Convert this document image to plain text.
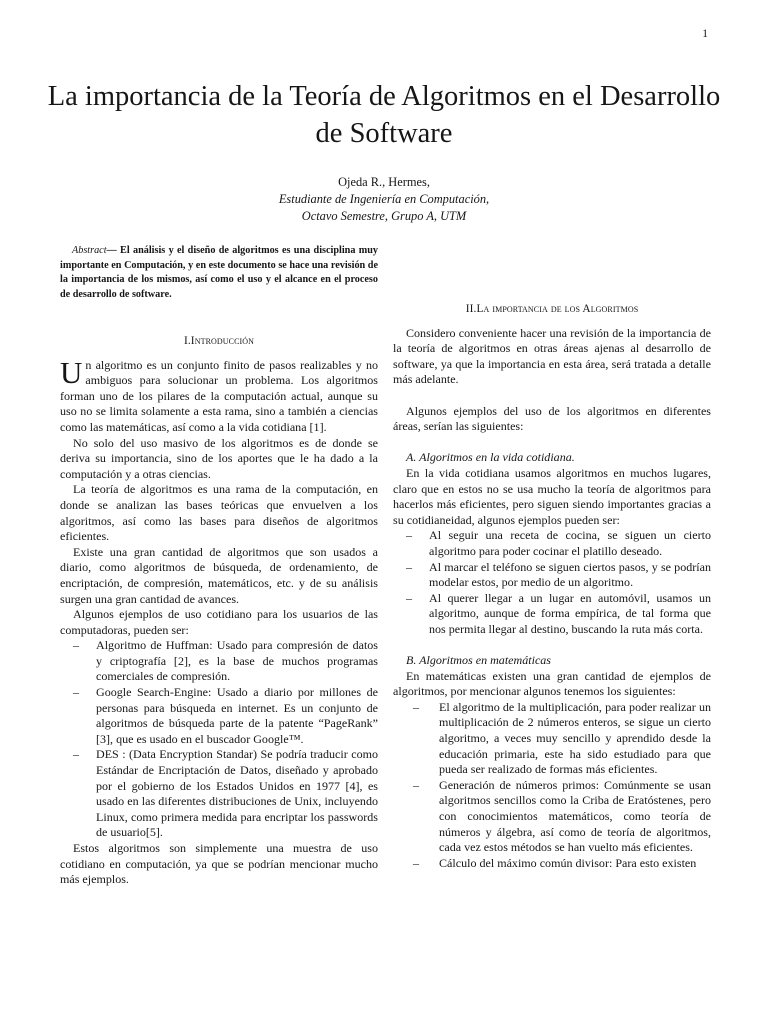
1
La importancia de la Teoría de Algoritmos en el Desarrollo de Software
Ojeda R., Hermes,
Estudiante de Ingeniería en Computación,
Octavo Semestre, Grupo A, UTM

Abstract— El análisis y el diseño de algoritmos es una disciplina muy importante en Computación, y en este documento se hace una revisión de la importancia de los mismos, así como el uso y el alcance en el proceso de desarrollo de software.

I.Introducción

Un algoritmo es un conjunto finito de pasos realizables y no ambiguos para solucionar un problema. Los algoritmos forman uno de los pilares de la computación actual, aunque su uso no se limita solamente a esta rama, sino a también a ciencias como las matemáticas, así como a la vida cotidiana [1].

No solo del uso masivo de los algoritmos es de donde se deriva su importancia, sino de los aportes que le ha dado a la computación y a otras ciencias.

La teoría de algoritmos es una rama de la computación, en donde se analizan las bases teóricas que envuelven a los algoritmos, así como las bases para diseños de algoritmos eficientes.

Existe una gran cantidad de algoritmos que son usados a diario, como algoritmos de búsqueda, de ordenamiento, de encriptación, de compresión, matemáticos, etc. y de su análisis surgen una gran cantidad de avances.

Algunos ejemplos de uso cotidiano para los usuarios de las computadoras, pueden ser:

– Algoritmo de Huffman: Usado para compresión de datos y criptografía [2], es la base de muchos programas comerciales de compresión.
– Google Search-Engine: Usado a diario por millones de personas para búsqueda en internet. Es un conjunto de algoritmos de búsqueda parte de la patente “PageRank” [3], que es usado en el buscador Google™.
– DES : (Data Encryption Standar) Se podría traducir como Estándar de Encriptación de Datos, diseñado y aprobado por el gobierno de los Estados Unidos en 1977 [4], es usado en las diferentes distribuciones de Unix, incluyendo Linux, como primera medida para encriptar los passwords de usuario[5].

Estos algoritmos son simplemente una muestra de uso cotidiano en computación, ya que se podrían mencionar mucho más ejemplos.

II.La importancia de los Algoritmos

Considero conveniente hacer una revisión de la importancia de la teoría de algoritmos en otras áreas ajenas al desarrollo de software, ya que la importancia en esta área, será tratada a detalle más adelante.

Algunos ejemplos del uso de los algoritmos en diferentes áreas, serían las siguientes:

A. Algoritmos en la vida cotidiana.

En la vida cotidiana usamos algoritmos en muchos lugares, claro que en estos no se usa mucho la teoría de algoritmos para hacerlos más eficientes, pero siguen siendo importantes gracias a su cotidianeidad, algunos ejemplos pueden ser:

– Al seguir una receta de cocina, se siguen un cierto algoritmo para poder cocinar el platillo deseado.
– Al marcar el teléfono se siguen ciertos pasos, y se podrían modelar estos, por medio de un algoritmo.
– Al querer llegar a un lugar en automóvil, usamos un algoritmo, aunque de forma empírica, de tal forma que nos permita llegar al destino, buscando la ruta más corta.
B. Algoritmos en matemáticas

En matemáticas existen una gran cantidad de ejemplos de algoritmos, por mencionar algunos tenemos los siguientes:

– El algoritmo de la multiplicación, para poder realizar un multiplicación de 2 números enteros, se sigue un cierto algoritmo, a veces muy sencillo y aprendido desde la educación primaria, este ha sido estudiado para que pueda ser realizado de formas más eficientes.
– Generación de números primos: Comúnmente se usan algoritmos sencillos como la Criba de Eratóstenes, pero con conocimientos matemáticos, como teoría de números y álgebra, así como de teoría de algoritmos, cada vez estos métodos se han vuelto más eficientes.
– Cálculo del máximo común divisor: Para esto existen
